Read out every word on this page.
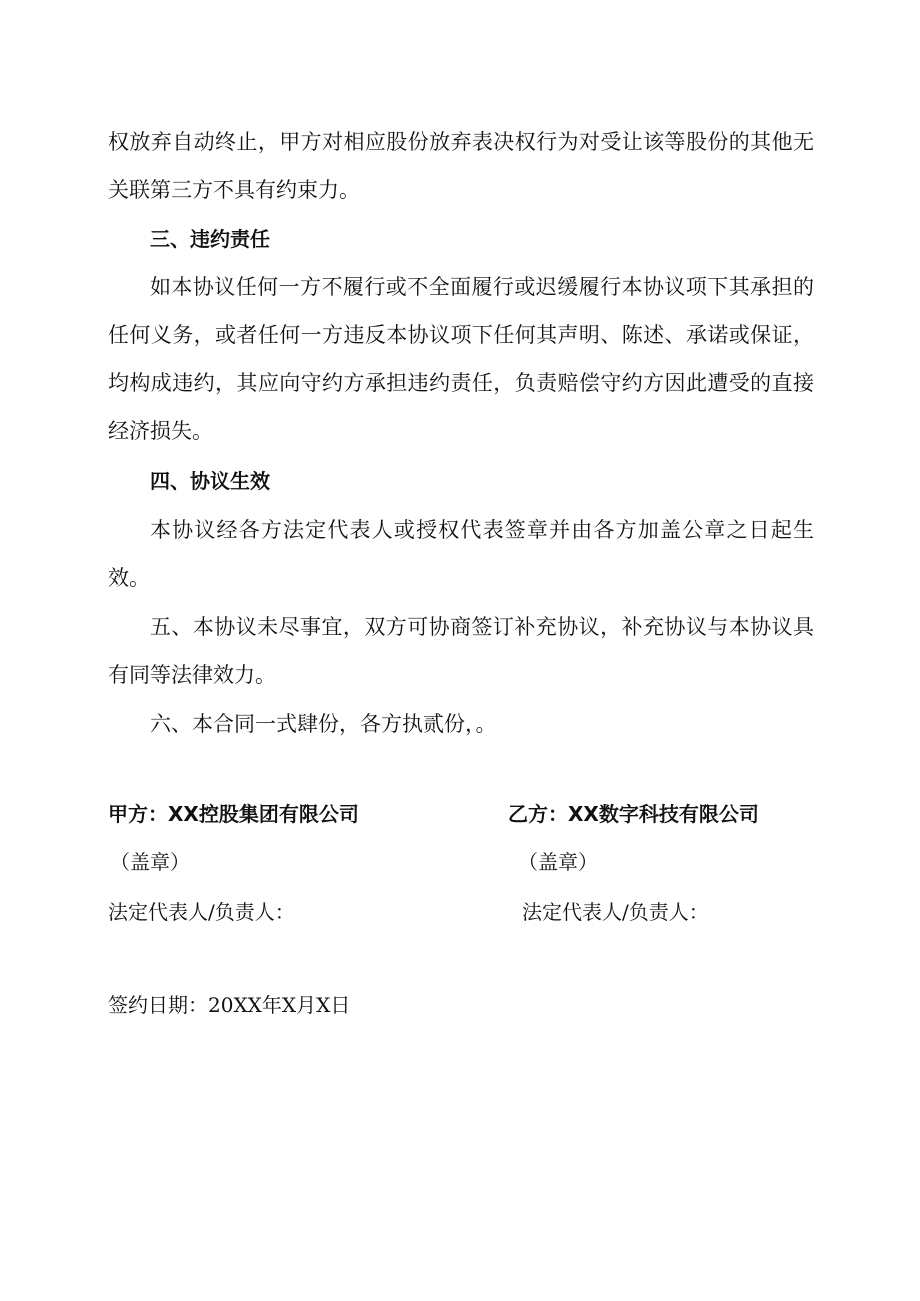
权放弃自动终止，甲方对相应股份放弃表决权行为对受让该等股份的其他无关联第三方不具有约束力。

三、违约责任

如本协议任何一方不履行或不全面履行或迟缓履行本协议项下其承担的任何义务，或者任何一方违反本协议项下任何其声明、陈述、承诺或保证，均构成违约，其应向守约方承担违约责任，负责赔偿守约方因此遭受的直接经济损失。

四、协议生效

本协议经各方法定代表人或授权代表签章并由各方加盖公章之日起生效。

五、本协议未尽事宜，双方可协商签订补充协议，补充协议与本协议具有同等法律效力。

六、本合同一式肆份，各方执贰份，。

甲方：XX控股集团有限公司	乙方：XX数字科技有限公司

（盖章）	（盖章）

法定代表人/负责人：	法定代表人/负责人：

签约日期：20XX年X月X日
